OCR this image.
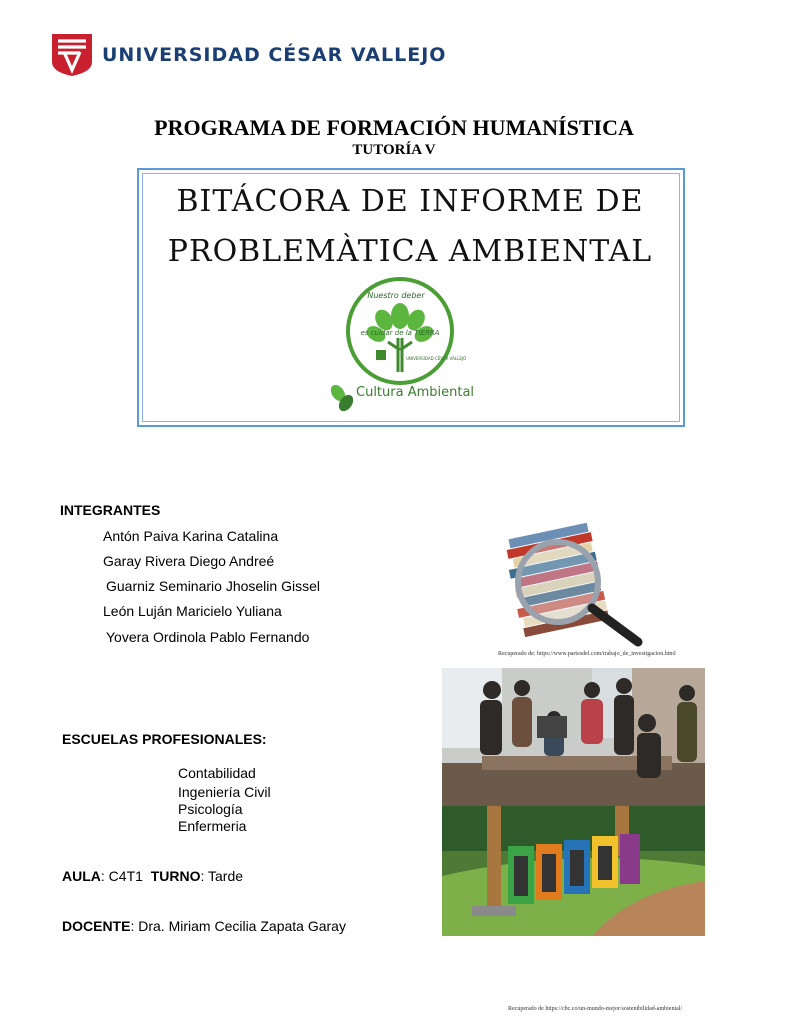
UNIVERSIDAD CÉSAR VALLEJO
PROGRAMA DE FORMACIÓN HUMANÍSTICA
TUTORÍA V
BITÁCORA DE INFORME DE
PROBLEMÀTICA AMBIENTAL
Nuestro deber
es cuidar de la TIERRA
UNIVERSIDAD CÉSAR VALLEJO
Cultura Ambiental
INTEGRANTES
Antón Paiva Karina Catalina
Garay Rivera Diego Andreé
Guarniz Seminario Jhoselin Gissel
León Luján Maricielo Yuliana
Yovera Ordinola Pablo Fernando
Recuperado de: https://www.partesdel.com/trabajo_de_investigacion.html
ESCUELAS PROFESIONALES:
Contabilidad
Ingeniería Civil
Psicología
Enfermeria
AULA: C4T1 TURNO: Tarde
DOCENTE: Dra. Miriam Cecilia Zapata Garay
Recuperado de https://cbc.co/un-mundo-mejor/sostenibilidad-ambiental/
